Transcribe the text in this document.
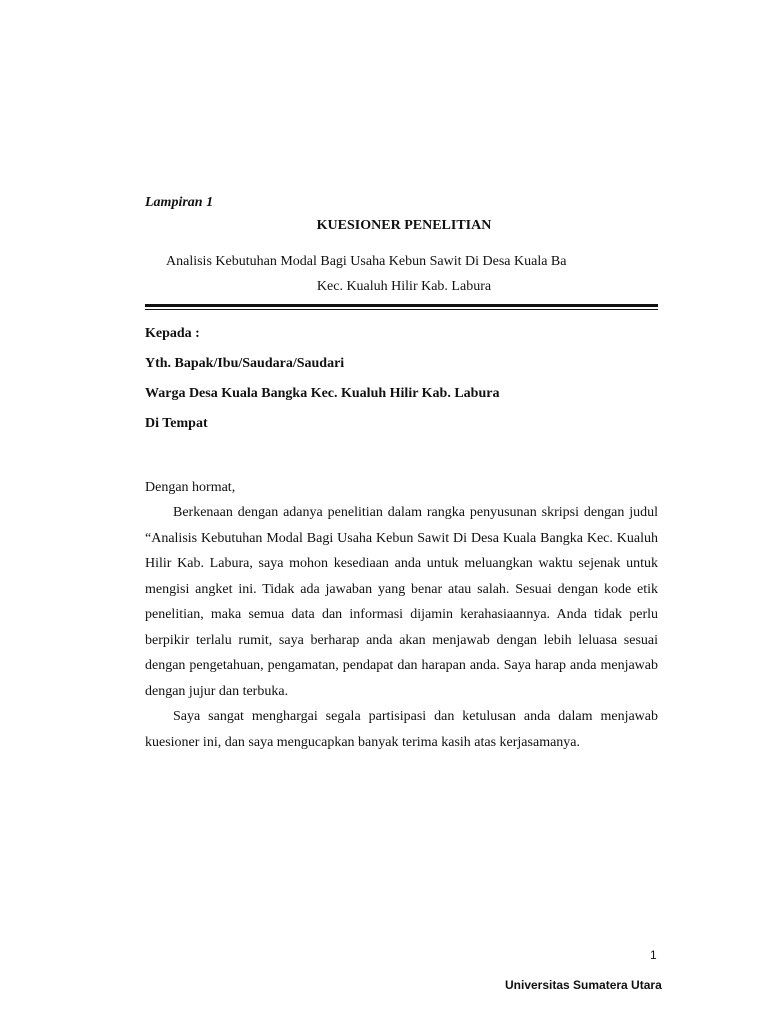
Lampiran 1
KUESIONER PENELITIAN
Analisis Kebutuhan Modal Bagi Usaha Kebun Sawit Di Desa Kuala Ba
Kec. Kualuh Hilir Kab. Labura
Kepada :
Yth. Bapak/Ibu/Saudara/Saudari
Warga Desa Kuala Bangka Kec. Kualuh Hilir Kab. Labura
Di Tempat
Dengan hormat,

Berkenaan dengan adanya penelitian dalam rangka penyusunan skripsi dengan judul “Analisis Kebutuhan Modal Bagi Usaha Kebun Sawit Di Desa Kuala Bangka Kec. Kualuh Hilir Kab. Labura, saya mohon kesediaan anda untuk meluangkan waktu sejenak untuk mengisi angket ini. Tidak ada jawaban yang benar atau salah. Sesuai dengan kode etik penelitian, maka semua data dan informasi dijamin kerahasiaannya. Anda tidak perlu berpikir terlalu rumit, saya berharap anda akan menjawab dengan lebih leluasa sesuai dengan pengetahuan, pengamatan, pendapat dan harapan anda. Saya harap anda menjawab dengan jujur dan terbuka.

Saya sangat menghargai segala partisipasi dan ketulusan anda dalam menjawab kuesioner ini, dan saya mengucapkan banyak terima kasih atas kerjasamanya.

1
Universitas Sumatera Utara
